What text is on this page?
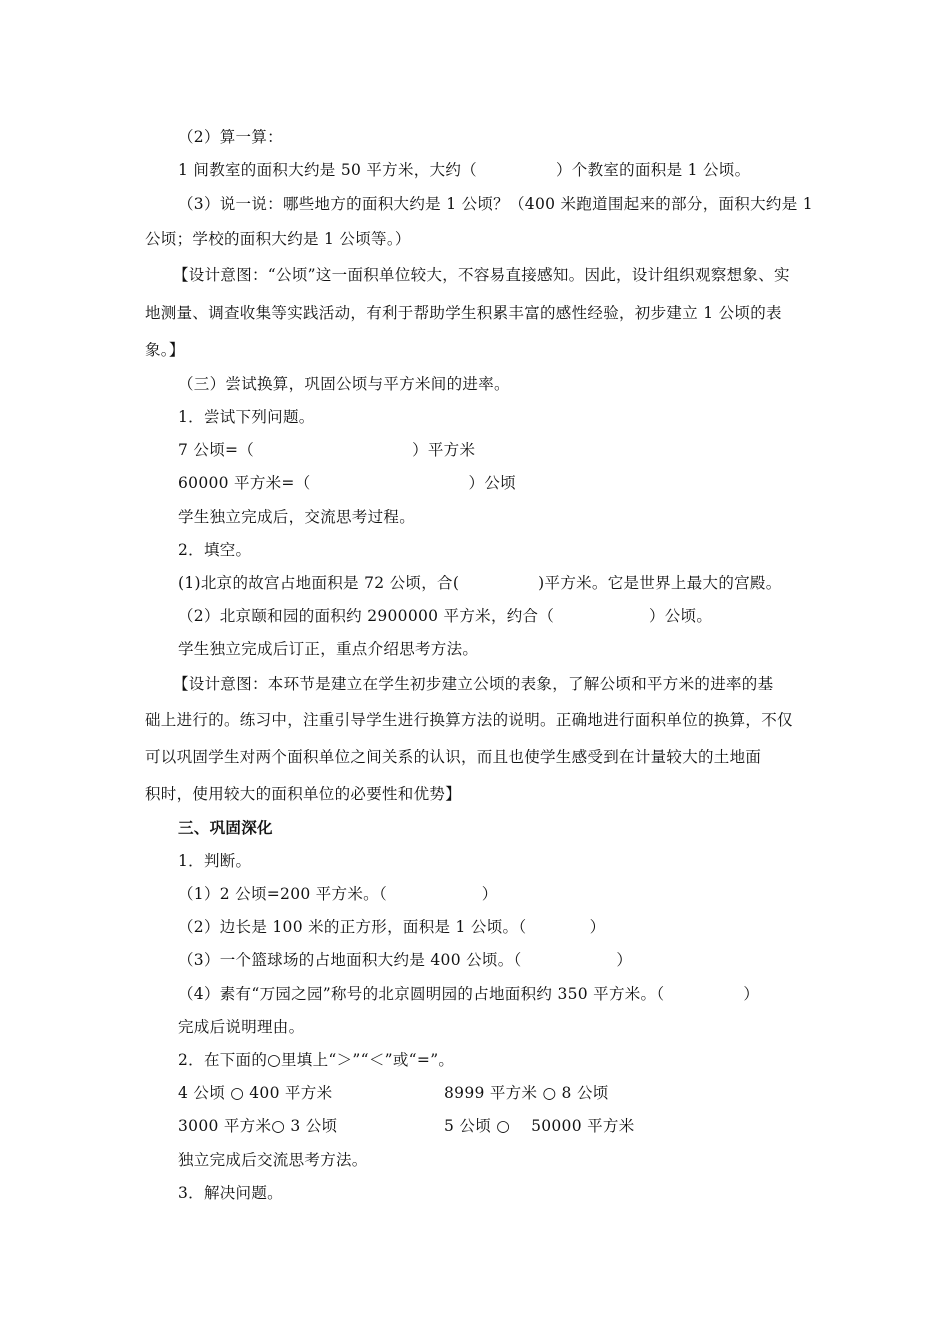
（2）算一算：
1 间教室的面积大约是 50 平方米，大约（　　　　　）个教室的面积是 1 公顷。
（3）说一说：哪些地方的面积大约是 1 公顷？（400 米跑道围起来的部分，面积大约是 1
公顷；学校的面积大约是 1 公顷等。）
【设计意图：“公顷”这一面积单位较大，不容易直接感知。因此，设计组织观察想象、实
地测量、调查收集等实践活动，有利于帮助学生积累丰富的感性经验，初步建立 1 公顷的表
象。】
（三）尝试换算，巩固公顷与平方米间的进率。
1．尝试下列问题。
7 公顷=（　　　　　　　　　　）平方米
60000 平方米=（　　　　　　　　　　）公顷
学生独立完成后，交流思考过程。
2．填空。
(1)北京的故宫占地面积是 72 公顷，合(　　　　　)平方米。它是世界上最大的宫殿。
（2）北京颐和园的面积约 2900000 平方米，约合（　　　　　　）公顷。
学生独立完成后订正，重点介绍思考方法。
【设计意图：本环节是建立在学生初步建立公顷的表象，了解公顷和平方米的进率的基
础上进行的。练习中，注重引导学生进行换算方法的说明。正确地进行面积单位的换算，不仅
可以巩固学生对两个面积单位之间关系的认识，而且也使学生感受到在计量较大的土地面
积时，使用较大的面积单位的必要性和优势】
三、巩固深化
1．判断。
（1）2 公顷=200 平方米。（　　　　　　）
（2）边长是 100 米的正方形，面积是 1 公顷。（　　　　）
（3）一个篮球场的占地面积大约是 400 公顷。（　　　　　　）
（4）素有“万园之园”称号的北京圆明园的占地面积约 350 平方米。（　　　　　）
完成后说明理由。
2．在下面的○里填上“＞”“＜”或“=”。
4 公顷 ○ 400 平方米	8999 平方米 ○ 8 公顷
3000 平方米○ 3 公顷	5 公顷 ○　 50000 平方米
独立完成后交流思考方法。
3．解决问题。
